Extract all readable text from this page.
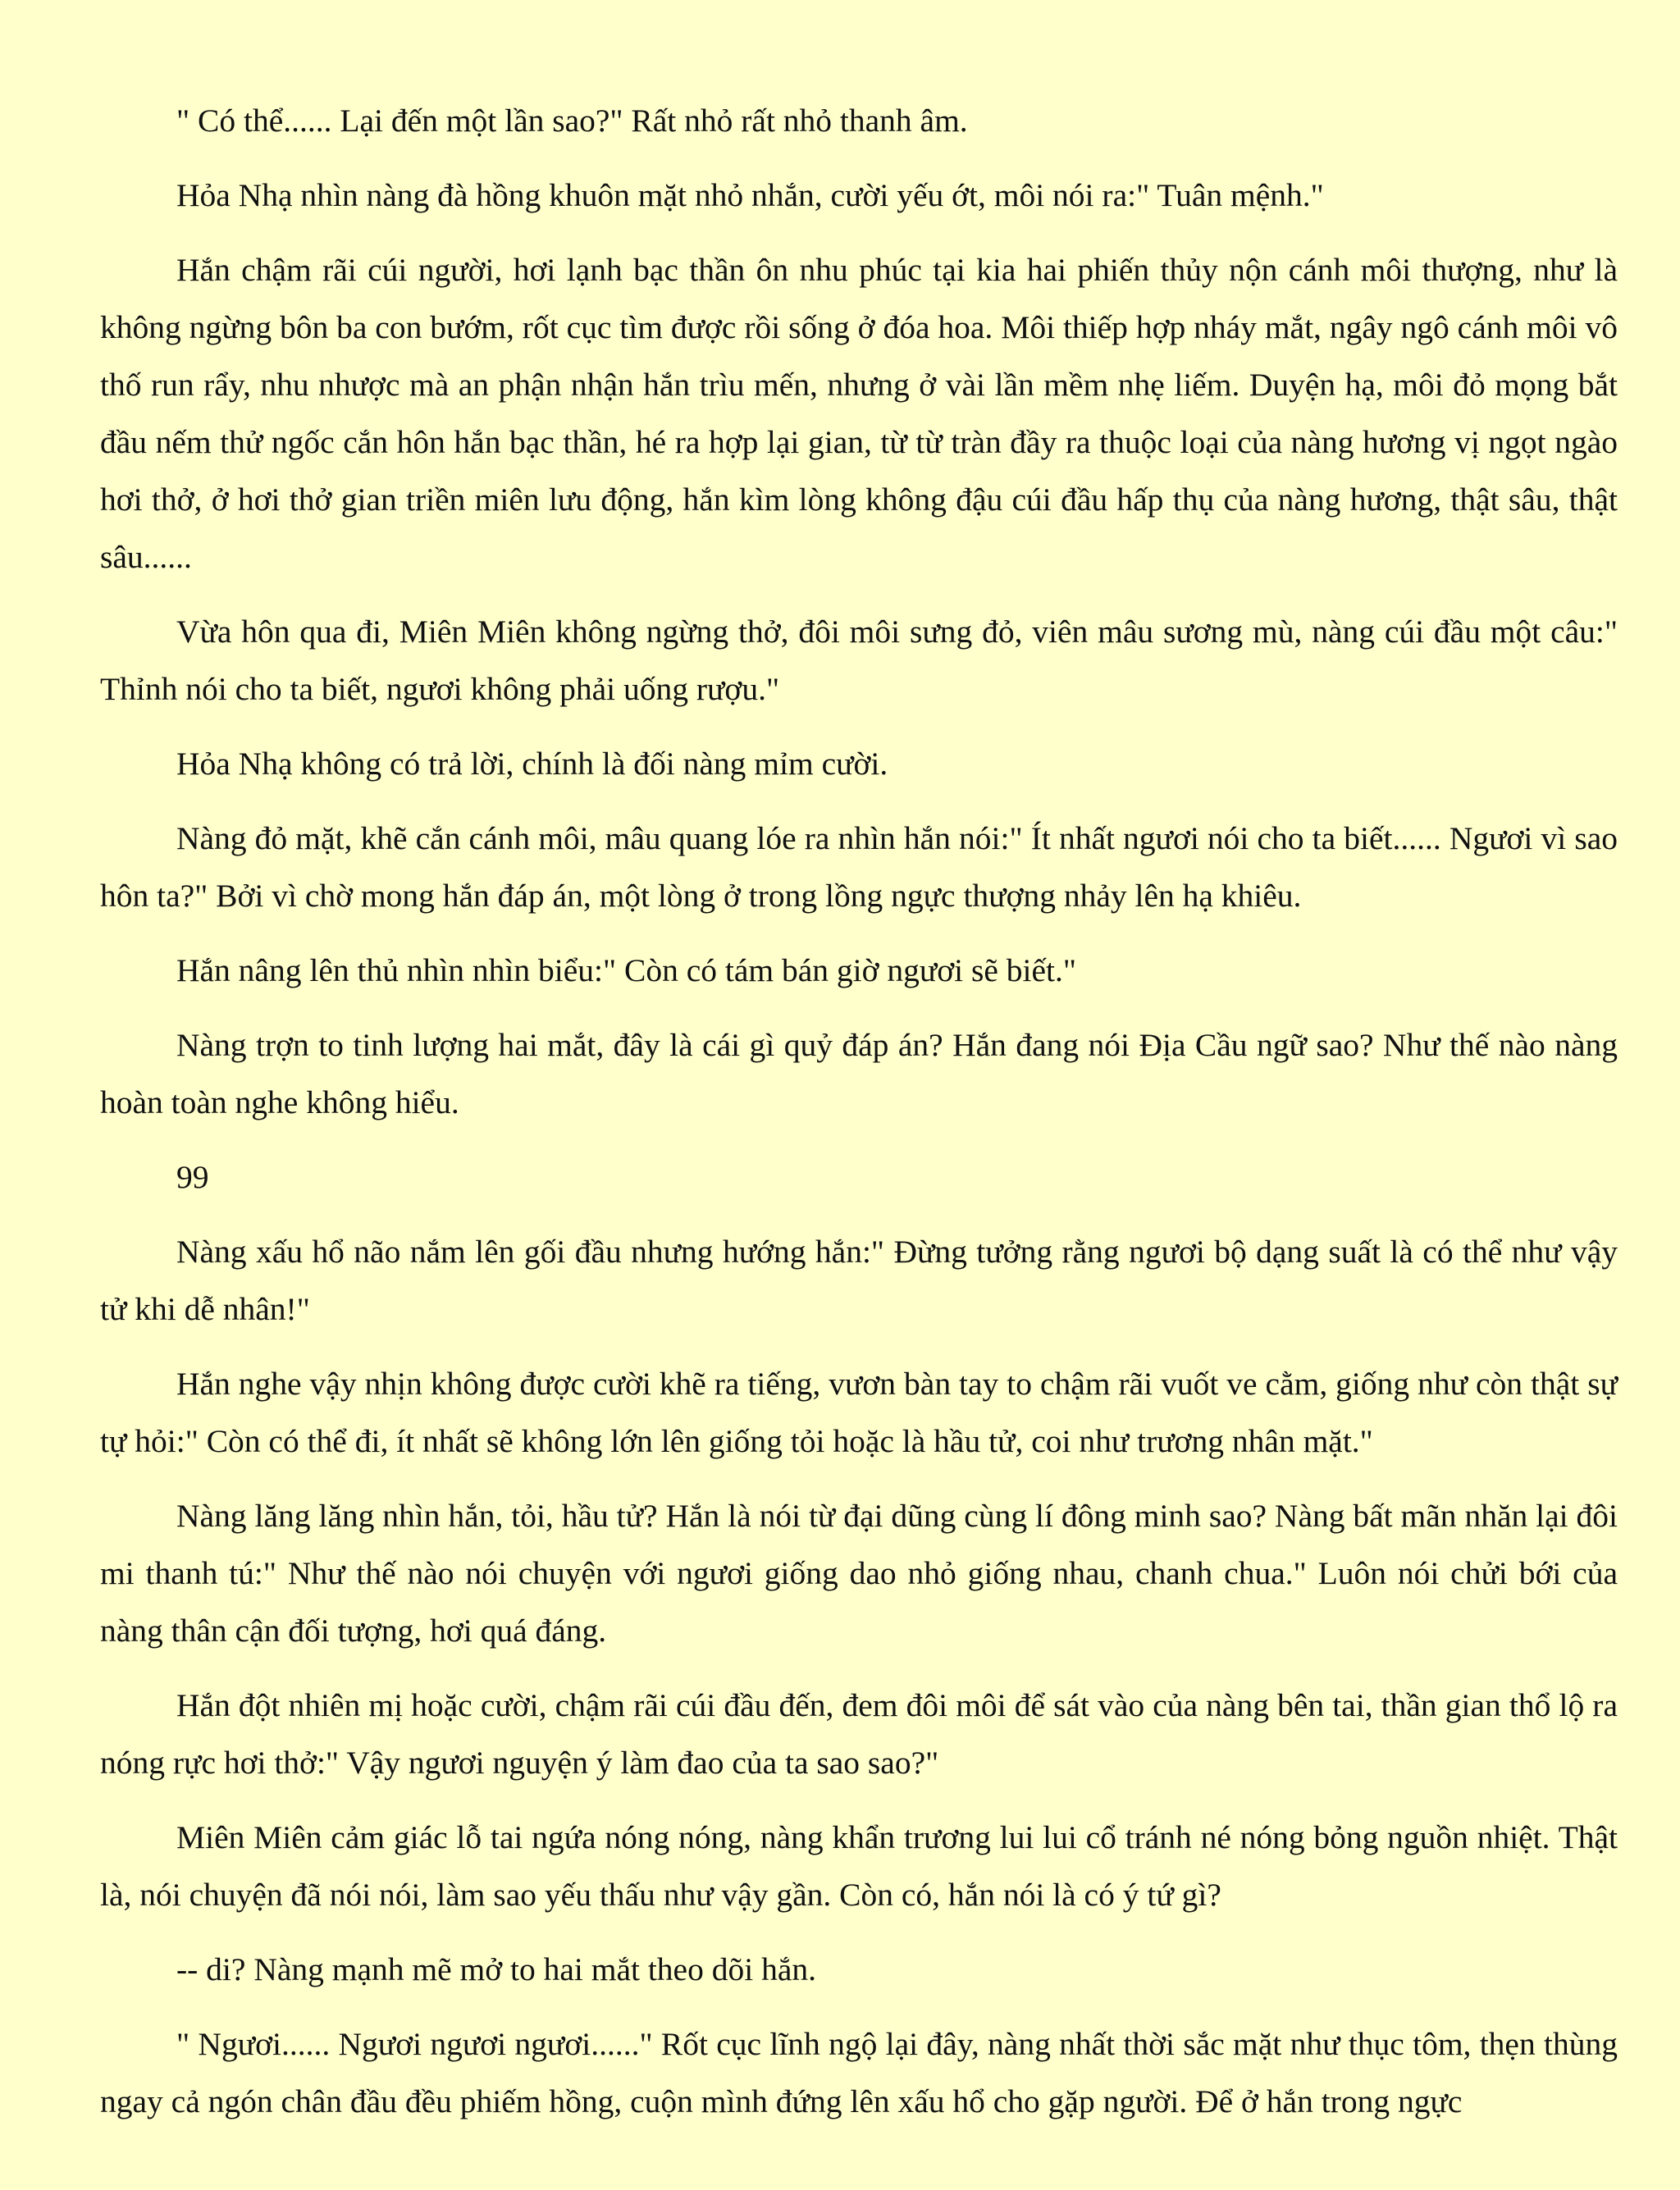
" Có thể...... Lại đến một lần sao?" Rất nhỏ rất nhỏ thanh âm.

Hỏa Nhạ nhìn nàng đà hồng khuôn mặt nhỏ nhắn, cười yếu ớt, môi nói ra:" Tuân mệnh."

Hắn chậm rãi cúi người, hơi lạnh bạc thần ôn nhu phúc tại kia hai phiến thủy nộn cánh môi thượng, như là không ngừng bôn ba con bướm, rốt cục tìm được rồi sống ở đóa hoa. Môi thiếp hợp nháy mắt, ngây ngô cánh môi vô thố run rẩy, nhu nhược mà an phận nhận hắn trìu mến, nhưng ở vài lần mềm nhẹ liếm. Duyện hạ, môi đỏ mọng bắt đầu nếm thử ngốc cắn hôn hắn bạc thần, hé ra hợp lại gian, từ từ tràn đầy ra thuộc loại của nàng hương vị ngọt ngào hơi thở, ở hơi thở gian triền miên lưu động, hắn kìm lòng không đậu cúi đầu hấp thụ của nàng hương, thật sâu, thật sâu......

Vừa hôn qua đi, Miên Miên không ngừng thở, đôi môi sưng đỏ, viên mâu sương mù, nàng cúi đầu một câu:" Thỉnh nói cho ta biết, ngươi không phải uống rượu."

Hỏa Nhạ không có trả lời, chính là đối nàng mỉm cười.

Nàng đỏ mặt, khẽ cắn cánh môi, mâu quang lóe ra nhìn hắn nói:" Ít nhất ngươi nói cho ta biết...... Ngươi vì sao hôn ta?" Bởi vì chờ mong hắn đáp án, một lòng ở trong lồng ngực thượng nhảy lên hạ khiêu.

Hắn nâng lên thủ nhìn nhìn biểu:" Còn có tám bán giờ ngươi sẽ biết."

Nàng trợn to tinh lượng hai mắt, đây là cái gì quỷ đáp án? Hắn đang nói Địa Cầu ngữ sao? Như thế nào nàng hoàn toàn nghe không hiểu.

99

Nàng xấu hổ não nắm lên gối đầu nhưng hướng hắn:" Đừng tưởng rằng ngươi bộ dạng suất là có thể như vậy tử khi dễ nhân!"

Hắn nghe vậy nhịn không được cười khẽ ra tiếng, vươn bàn tay to chậm rãi vuốt ve cằm, giống như còn thật sự tự hỏi:" Còn có thể đi, ít nhất sẽ không lớn lên giống tỏi hoặc là hầu tử, coi như trương nhân mặt."

Nàng lăng lăng nhìn hắn, tỏi, hầu tử? Hắn là nói từ đại dũng cùng lí đông minh sao? Nàng bất mãn nhăn lại đôi mi thanh tú:" Như thế nào nói chuyện với ngươi giống dao nhỏ giống nhau, chanh chua." Luôn nói chửi bới của nàng thân cận đối tượng, hơi quá đáng.

Hắn đột nhiên mị hoặc cười, chậm rãi cúi đầu đến, đem đôi môi để sát vào của nàng bên tai, thần gian thổ lộ ra nóng rực hơi thở:" Vậy ngươi nguyện ý làm đao của ta sao sao?"

Miên Miên cảm giác lỗ tai ngứa nóng nóng, nàng khẩn trương lui lui cổ tránh né nóng bỏng nguồn nhiệt. Thật là, nói chuyện đã nói nói, làm sao yếu thấu như vậy gần. Còn có, hắn nói là có ý tứ gì?

-- di? Nàng mạnh mẽ mở to hai mắt theo dõi hắn.

" Ngươi...... Ngươi ngươi ngươi......" Rốt cục lĩnh ngộ lại đây, nàng nhất thời sắc mặt như thục tôm, thẹn thùng ngay cả ngón chân đầu đều phiếm hồng, cuộn mình đứng lên xấu hổ cho gặp người. Để ở hắn trong ngực
